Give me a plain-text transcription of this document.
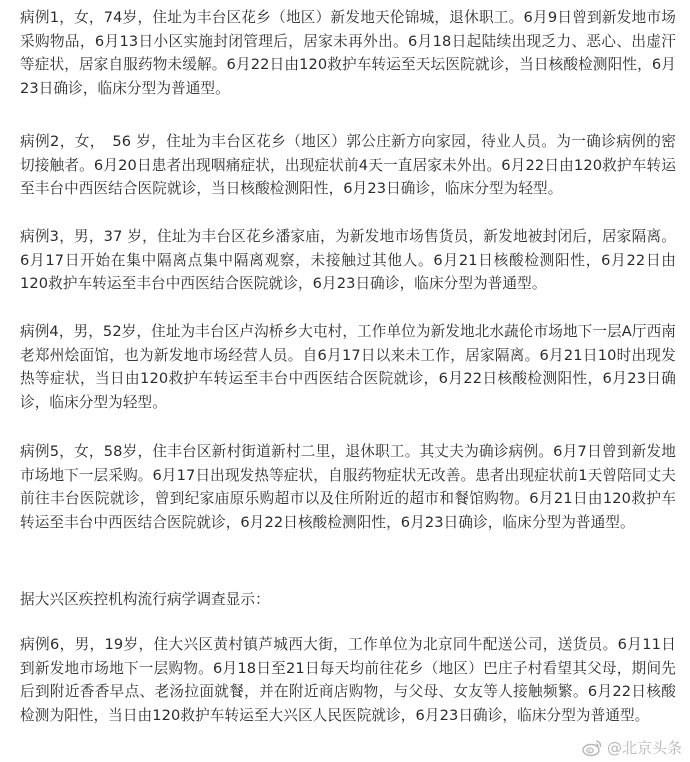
病例1，女，74岁，住址为丰台区花乡（地区）新发地天伦锦城，退休职工。6月9日曾到新发地市场采购物品，6月13日小区实施封闭管理后，居家未再外出。6月18日起陆续出现乏力、恶心、出虚汗等症状，居家自服药物未缓解。6月22日由120救护车转运至天坛医院就诊，当日核酸检测阳性，6月23日确诊，临床分型为普通型。

病例2，女，　56 岁，住址为丰台区花乡（地区）郭公庄新方向家园，待业人员。为一确诊病例的密切接触者。6月20日患者出现咽痛症状，出现症状前4天一直居家未外出。6月22日由120救护车转运至丰台中西医结合医院就诊，当日核酸检测阳性，6月23日确诊，临床分型为轻型。

病例3，男，37 岁，住址为丰台区花乡潘家庙，为新发地市场售货员，新发地被封闭后，居家隔离。6月17日开始在集中隔离点集中隔离观察，未接触过其他人。6月21日核酸检测阳性，6月22日由120救护车转运至丰台中西医结合医院就诊，6月23日确诊，临床分型为普通型。

病例4，男，52岁，住址为丰台区卢沟桥乡大屯村，工作单位为新发地北水蔬伦市场地下一层A厅西南老郑州烩面馆，也为新发地市场经营人员。自6月17日以来未工作，居家隔离。6月21日10时出现发热等症状，当日由120救护车转运至丰台中西医结合医院就诊，6月22日核酸检测阳性，6月23日确诊，临床分型为轻型。

病例5，女，58岁，住丰台区新村街道新村二里，退休职工。其丈夫为确诊病例。6月7日曾到新发地市场地下一层采购。6月17日出现发热等症状，自服药物症状无改善。患者出现症状前1天曾陪同丈夫前往丰台医院就诊，曾到纪家庙原乐购超市以及住所附近的超市和餐馆购物。6月21日由120救护车转运至丰台中西医结合医院就诊，6月22日核酸检测阳性，6月23日确诊，临床分型为普通型。

据大兴区疾控机构流行病学调查显示：

病例6，男，19岁，住大兴区黄村镇芦城西大街，工作单位为北京同牛配送公司，送货员。6月11日到新发地市场地下一层购物。6月18日至21日每天均前往花乡（地区）巴庄子村看望其父母，期间先后到附近香香早点、老汤拉面就餐，并在附近商店购物，与父母、女友等人接触频繁。6月22日核酸检测为阳性，当日由120救护车转运至大兴区人民医院就诊，6月23日确诊，临床分型为普通型。

@北京头条
